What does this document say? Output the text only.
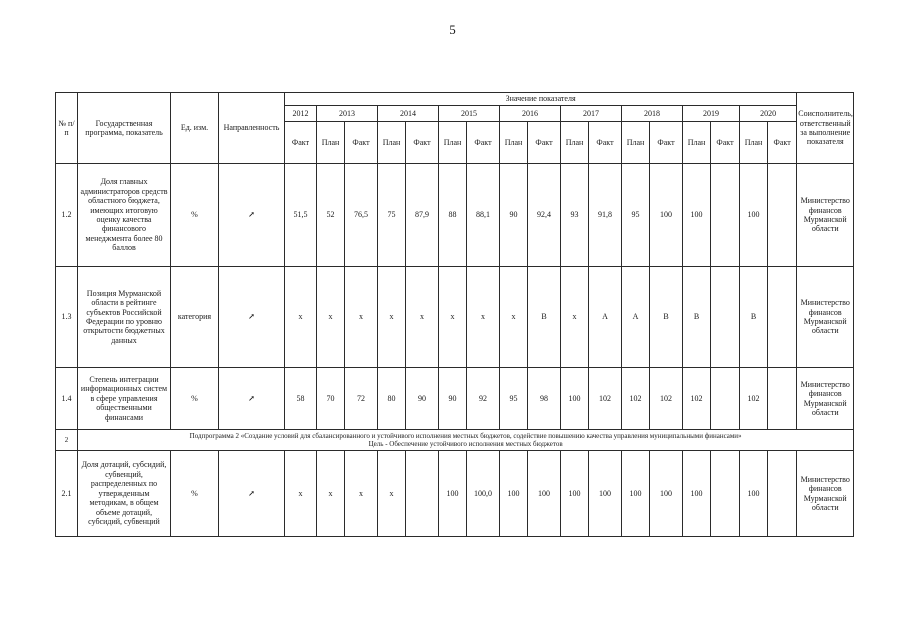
5
№ п/п	Государственная программа, показатель	Ед. изм.	Направленность	Значение показателя																	Соисполнитель, ответственный за выполнение показателя
				2012	2013		2014		2015		2016		2017		2018		2019		2020		
				Факт	План	Факт	План	Факт	План	Факт	План	Факт	План	Факт	План	Факт	План	Факт	План	Факт	
1.2	Доля главных администраторов средств областного бюджета, имеющих итоговую оценку качества финансового менеджмента более 80 баллов	%	↗	51,5	52	76,5	75	87,9	88	88,1	90	92,4	93	91,8	95	100	100		100		Министерство финансов Мурманской области
1.3	Позиция Мурманской области в рейтинге субъектов Российской Федерации по уровню открытости бюджетных данных	категория	↗	х	х	х	х	х	х	х	х	В	х	А	А	В	В		В		Министерство финансов Мурманской области
1.4	Степень интеграции информационных систем в сфере управления общественными финансами	%	↗	58	70	72	80	90	90	92	95	98	100	102	102	102	102		102		Министерство финансов Мурманской области
2	Подпрограмма 2 «Создание условий для сбалансированного и устойчивого исполнения местных бюджетов, содействие повышению качества управления муниципальными финансами»
Цель - Обеспечение устойчивого исполнения местных бюджетов																				

2.1	Доля дотаций, субсидий, субвенций, распределенных по утвержденным методикам, в общем объеме дотаций, субсидий, субвенций	%	↗	х	х	х	х		100	100,0	100	100	100	100	100	100	100		100		Министерство финансов Мурманской области
